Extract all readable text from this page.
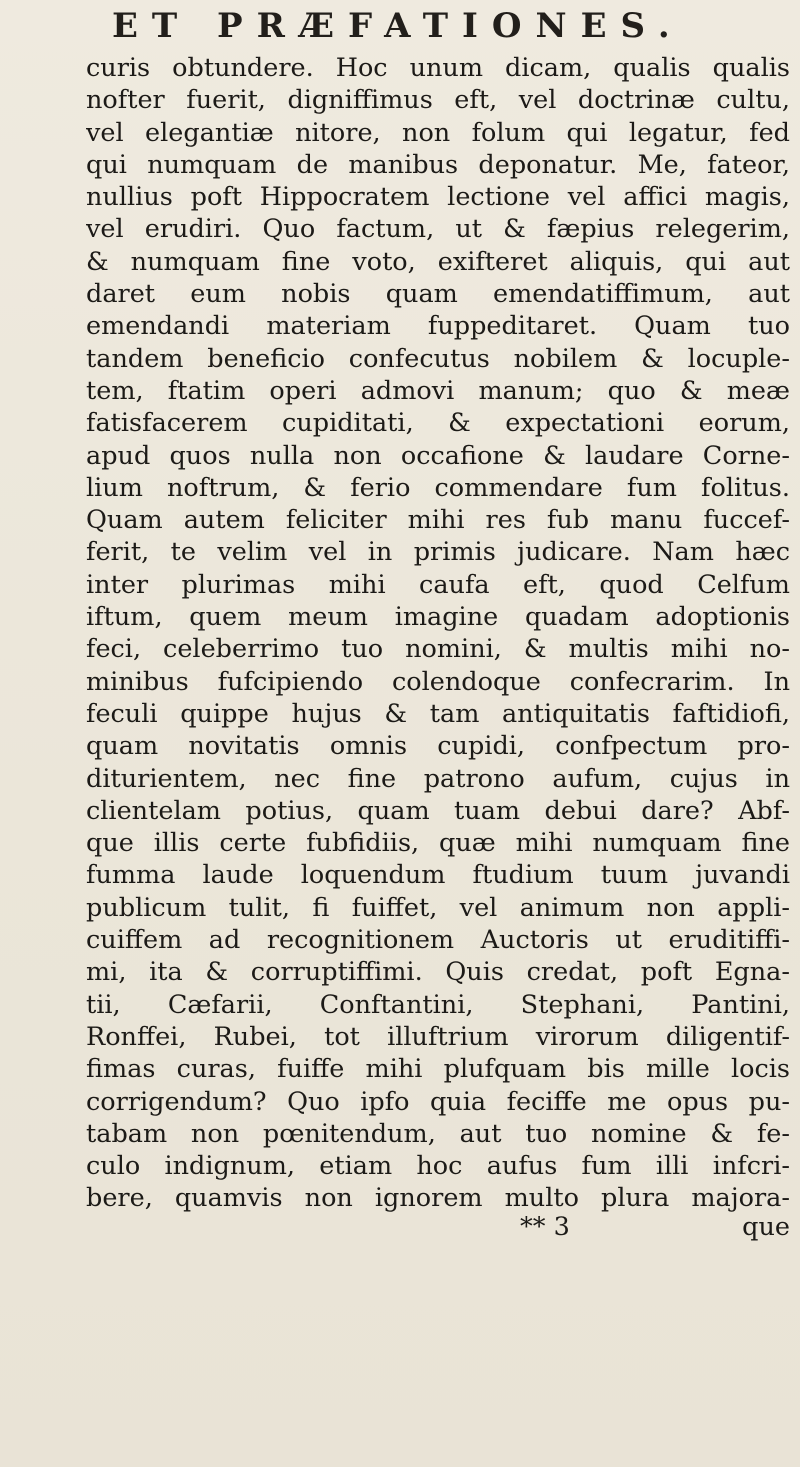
ET PRÆFATIONES.
curis obtundere. Hoc unum dicam, qualis qualis
nofter fuerit, digniffimus eft, vel doctrinæ cultu,
vel elegantiæ nitore, non folum qui legatur, fed
qui numquam de manibus deponatur. Me, fateor,
nullius poft Hippocratem lectione vel affici magis,
vel erudiri. Quo factum, ut & fæpius relegerim,
& numquam fine voto, exifteret aliquis, qui aut
daret eum nobis quam emendatiffimum, aut
emendandi materiam fuppeditaret. Quam tuo
tandem beneficio confecutus nobilem & locuple-
tem, ftatim operi admovi manum; quo & meæ
fatisfacerem cupiditati, & expectationi eorum,
apud quos nulla non occafione & laudare Corne-
lium noftrum, & ferio commendare fum folitus.
Quam autem feliciter mihi res fub manu fuccef-
ferit, te velim vel in primis judicare. Nam hæc
inter plurimas mihi caufa eft, quod Celfum
iftum, quem meum imagine quadam adoptionis
feci, celeberrimo tuo nomini, & multis mihi no-
minibus fufcipiendo colendoque confecrarim. In
feculi quippe hujus & tam antiquitatis faftidiofi,
quam novitatis omnis cupidi, confpectum pro-
diturientem, nec fine patrono aufum, cujus in
clientelam potius, quam tuam debui dare? Abf-
que illis certe fubfidiis, quæ mihi numquam fine
fumma laude loquendum ftudium tuum juvandi
publicum tulit, fi fuiffet, vel animum non appli-
cuiffem ad recognitionem Auctoris ut eruditiffi-
mi, ita & corruptiffimi. Quis credat, poft Egna-
tii, Cæfarii, Conftantini, Stephani, Pantini,
Ronffei, Rubei, tot illuftrium virorum diligentif-
fimas curas, fuiffe mihi plufquam bis mille locis
corrigendum? Quo ipfo quia feciffe me opus pu-
tabam non pœnitendum, aut tuo nomine & fe-
culo indignum, etiam hoc aufus fum illi infcri-
bere, quamvis non ignorem multo plura majora-
** 3	que
